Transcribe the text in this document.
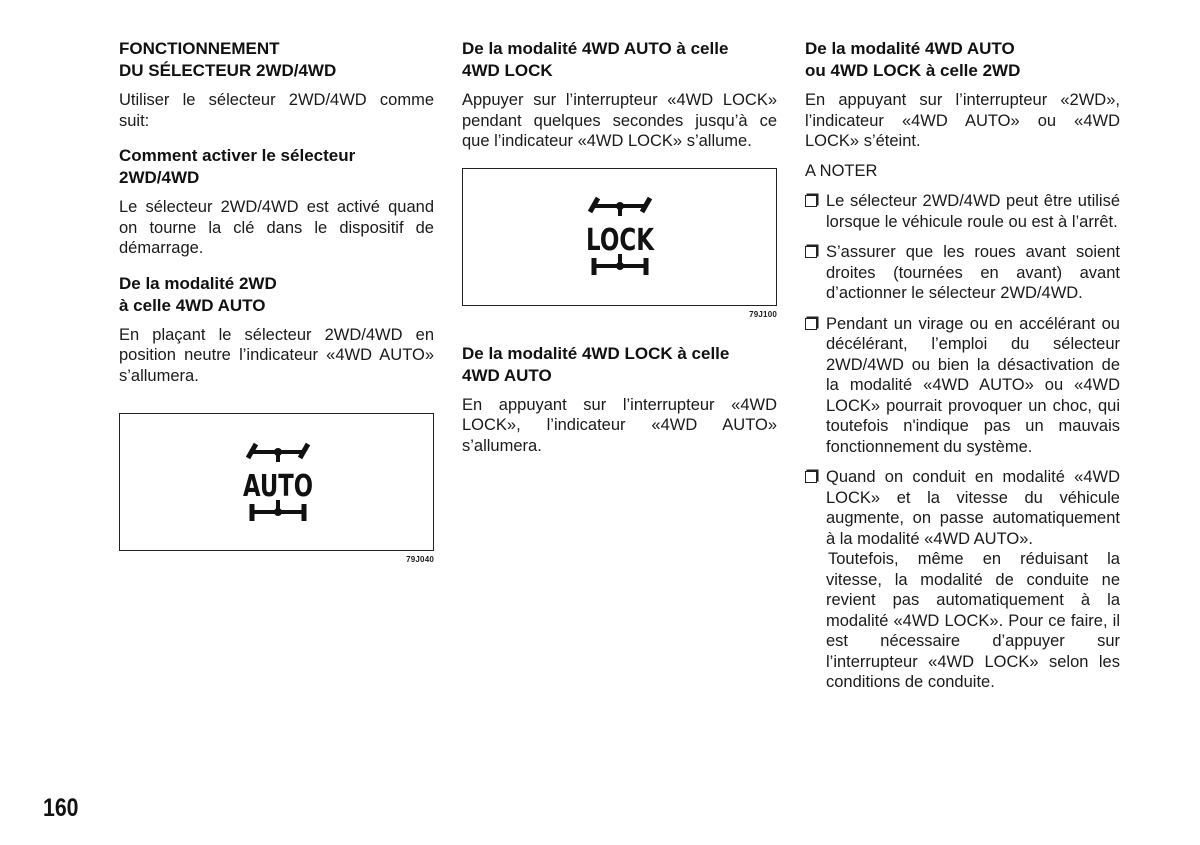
FONCTIONNEMENT
DU SÉLECTEUR 2WD/4WD

Utiliser le sélecteur 2WD/4WD comme suit:

Comment activer le sélecteur
2WD/4WD

Le sélecteur 2WD/4WD est activé quand on tourne la clé dans le dispositif de démarrage.

De la modalité 2WD
à celle 4WD AUTO

En plaçant le sélecteur 2WD/4WD en position neutre l’indicateur «4WD AUTO» s’allumera.

AUTO
79J040
De la modalité 4WD AUTO à celle
4WD LOCK

Appuyer sur l’interrupteur «4WD LOCK» pendant quelques secondes jusqu’à ce que l’indicateur «4WD LOCK» s’allume.

LOCK
79J100
De la modalité 4WD LOCK à celle
4WD AUTO

En appuyant sur l’interrupteur «4WD LOCK», l’indicateur «4WD AUTO» s’allumera.

De la modalité 4WD AUTO
ou 4WD LOCK à celle 2WD

En appuyant sur l’interrupteur «2WD», l’indicateur «4WD AUTO» ou «4WD LOCK» s’éteint.

A NOTER
Le sélecteur 2WD/4WD peut être utilisé lorsque le véhicule roule ou est à l’arrêt.
S’assurer que les roues avant soient droites (tournées en avant) avant d’actionner le sélecteur 2WD/4WD.
Pendant un virage ou en accélérant ou décélérant, l’emploi du sélecteur 2WD/4WD ou bien la désactivation de la modalité «4WD AUTO» ou «4WD LOCK» pourrait provoquer un choc, qui toutefois n'indique pas un mauvais fonctionnement du système.
Quand on conduit en modalité «4WD LOCK» et la vitesse du véhicule augmente, on passe automatiquement à la modalité «4WD AUTO».
Toutefois, même en réduisant la vitesse, la modalité de conduite ne revient pas automatiquement à la modalité «4WD LOCK». Pour ce faire, il est nécessaire d’appuyer sur l’interrupteur «4WD LOCK» selon les conditions de conduite.
160
